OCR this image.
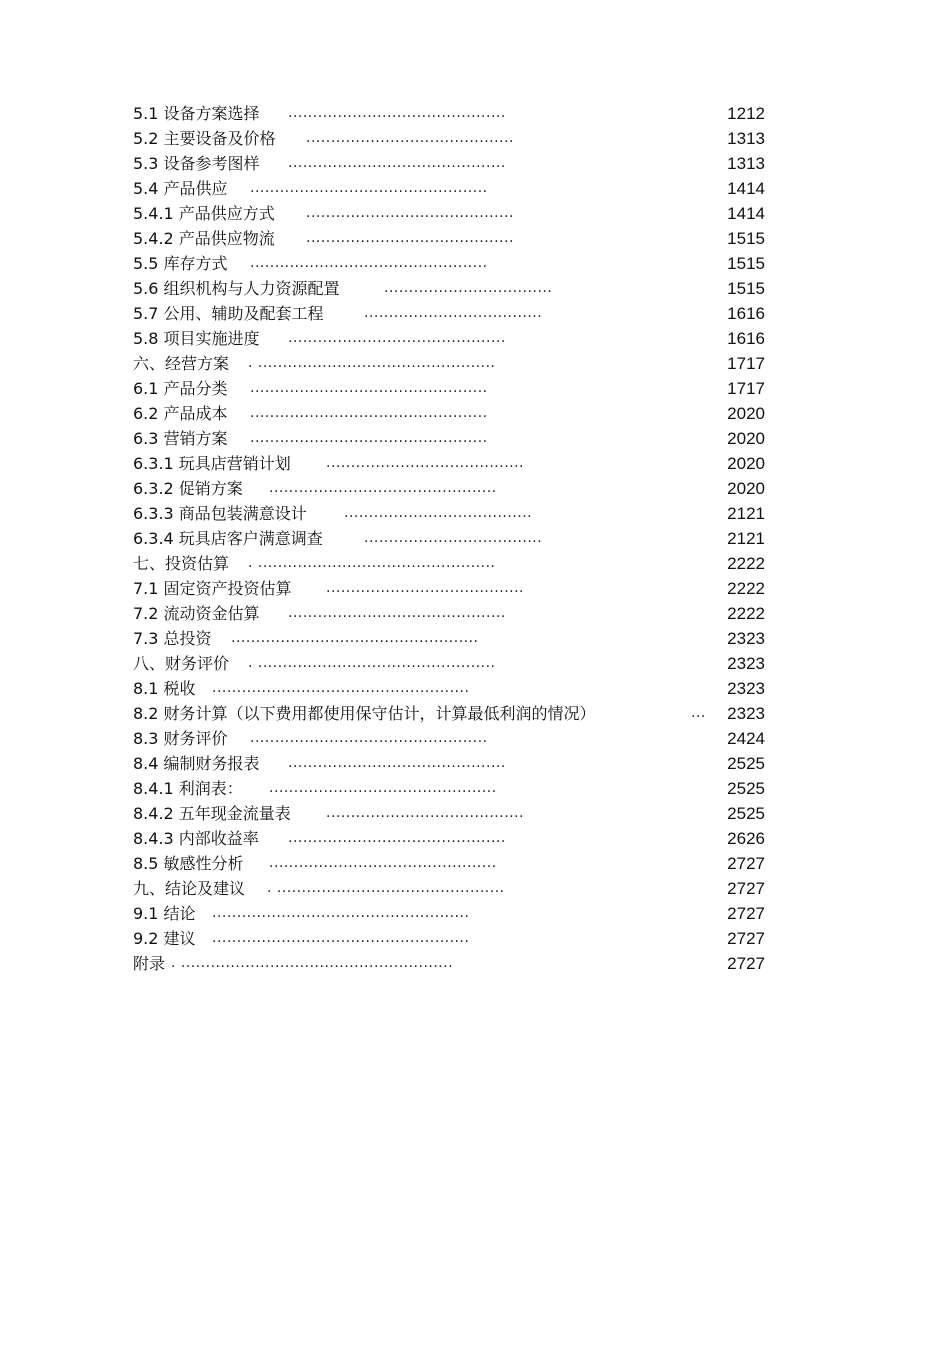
5.1 设备方案选择 ............................................	1212
5.2 主要设备及价格 ..........................................	1313
5.3 设备参考图样 ............................................	1313
5.4 产品供应 ................................................	1414
5.4.1 产品供应方式 ..........................................	1414
5.4.2 产品供应物流 ..........................................	1515
5.5 库存方式 ................................................	1515
5.6 组织机构与人力资源配置	..................................	1515
5.7 公用、辅助及配套工程	....................................	1616
5.8 项目实施进度 ............................................	1616
六、经营方案 . ................................................	1717
6.1 产品分类 ................................................	1717
6.2 产品成本 ................................................	2020
6.3 营销方案 ................................................	2020
6.3.1 玩具店营销计划	........................................	2020
6.3.2 促销方案 ..............................................	2020
6.3.3 商品包装满意设计	......................................	2121
6.3.4 玩具店客户满意调查	....................................	2121
七、投资估算 . ................................................	2222
7.1 固定资产投资估算 ........................................	2222
7.2 流动资金估算 ............................................	2222
7.3 总投资 ..................................................	2323
八、财务评价 . ................................................	2323
8.1 税收 ....................................................	2323
8.2 财务计算（以下费用都使用保守估计，计算最低利润的情况）	... 2323
8.3 财务评价 ................................................	2424
8.4 编制财务报表 ............................................	2525
8.4.1 利润表： ..............................................	2525
8.4.2 五年现金流量表	........................................	2525
8.4.3 内部收益率 ............................................	2626
8.5 敏感性分析 ..............................................	2727
九、结论及建议 . ..............................................	2727
9.1 结论 ....................................................	2727
9.2 建议 ....................................................	2727
附录 . .......................................................	2727
